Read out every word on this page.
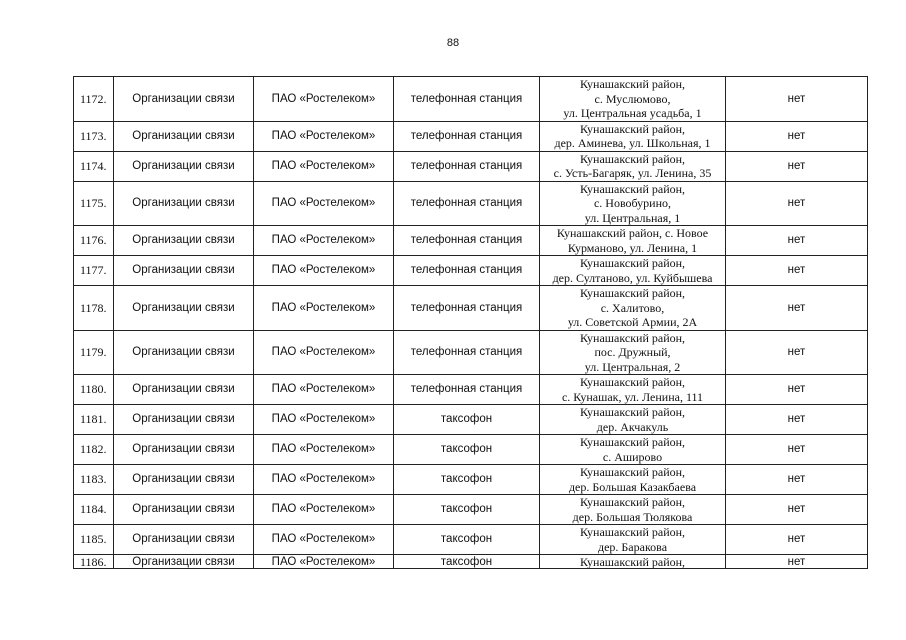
88
1172.	Организации связи	ПАО «Ростелеком»	телефонная станция	Кунашакский район,
с. Муслюмово,
ул. Центральная усадьба, 1	нет
1173.	Организации связи	ПАО «Ростелеком»	телефонная станция	Кунашакский район,
дер. Аминева, ул. Школьная, 1	нет
1174.	Организации связи	ПАО «Ростелеком»	телефонная станция	Кунашакский район,
с. Усть-Багаряк, ул. Ленина, 35	нет
1175.	Организации связи	ПАО «Ростелеком»	телефонная станция	Кунашакский район,
с. Новобурино,
ул. Центральная, 1	нет
1176.	Организации связи	ПАО «Ростелеком»	телефонная станция	Кунашакский район, с. Новое
Курманово, ул. Ленина, 1	нет
1177.	Организации связи	ПАО «Ростелеком»	телефонная станция	Кунашакский район,
дер. Султаново, ул. Куйбышева	нет
1178.	Организации связи	ПАО «Ростелеком»	телефонная станция	Кунашакский район,
с. Халитово,
ул. Советской Армии, 2А	нет
1179.	Организации связи	ПАО «Ростелеком»	телефонная станция	Кунашакский район,
пос. Дружный,
ул. Центральная, 2	нет
1180.	Организации связи	ПАО «Ростелеком»	телефонная станция	Кунашакский район,
с. Кунашак, ул. Ленина, 111	нет
1181.	Организации связи	ПАО «Ростелеком»	таксофон	Кунашакский район,
дер. Акчакуль	нет
1182.	Организации связи	ПАО «Ростелеком»	таксофон	Кунашакский район,
с. Аширово	нет
1183.	Организации связи	ПАО «Ростелеком»	таксофон	Кунашакский район,
дер. Большая Казакбаева	нет
1184.	Организации связи	ПАО «Ростелеком»	таксофон	Кунашакский район,
дер. Большая Тюлякова	нет
1185.	Организации связи	ПАО «Ростелеком»	таксофон	Кунашакский район,
дер. Баракова	нет
1186.	Организации связи	ПАО «Ростелеком»	таксофон	Кунашакский район,	нет
